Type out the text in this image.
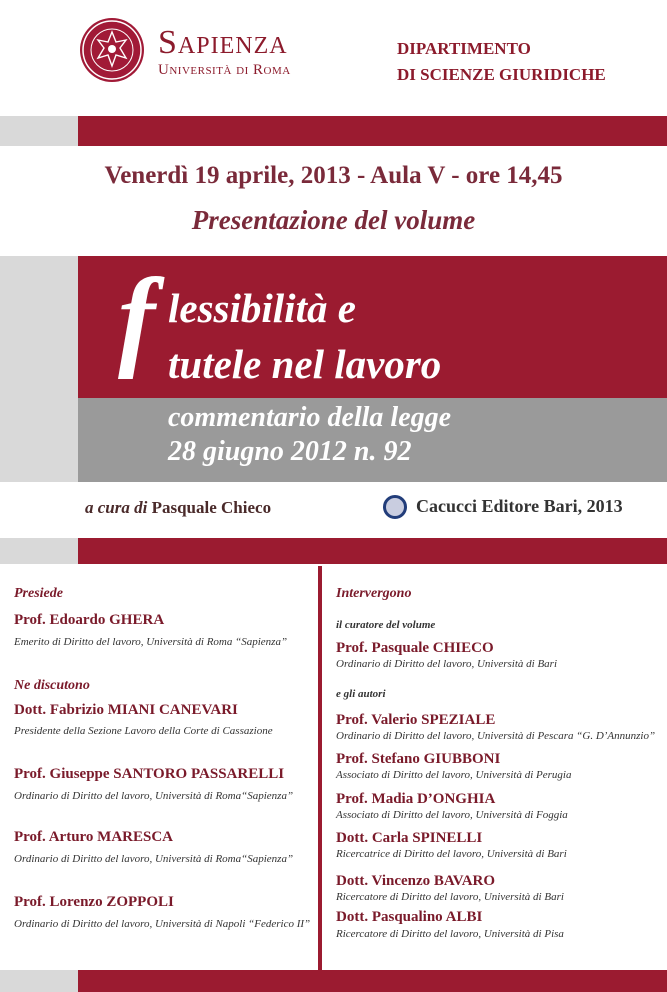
Sapienza
Università di Roma
DIPARTIMENTO
DI SCIENZE GIURIDICHE
Venerdì 19 aprile, 2013 - Aula V - ore 14,45
Presentazione del volume
f lessibilità e
tutele nel lavoro
commentario della legge
28 giugno 2012 n. 92
a cura di Pasquale Chieco	Cacucci Editore Bari, 2013
Presiede
Prof. Edoardo GHERA
Emerito di Diritto del lavoro, Università di Roma “Sapienza”
Ne discutono
Dott. Fabrizio MIANI CANEVARI
Presidente della Sezione Lavoro della Corte di Cassazione
Prof. Giuseppe SANTORO PASSARELLI
Ordinario di Diritto del lavoro, Università di Roma“Sapienza”
Prof. Arturo MARESCA
Ordinario di Diritto del lavoro, Università di Roma“Sapienza”
Prof. Lorenzo ZOPPOLI
Ordinario di Diritto del lavoro, Università di Napoli “Federico II”
Intervergono
il curatore del volume
Prof. Pasquale CHIECO
Ordinario di Diritto del lavoro, Università di Bari
e gli autori
Prof. Valerio SPEZIALE
Ordinario di Diritto del lavoro, Università di Pescara “G. D’Annunzio”
Prof. Stefano GIUBBONI
Associato di Diritto del lavoro, Università di Perugia
Prof. Madia D’ONGHIA
Associato di Diritto del lavoro, Università di Foggia
Dott. Carla SPINELLI
Ricercatrice di Diritto del lavoro, Università di Bari
Dott. Vincenzo BAVARO
Ricercatore di Diritto del lavoro, Università di Bari
Dott. Pasqualino ALBI
Ricercatore di Diritto del lavoro, Università di Pisa
